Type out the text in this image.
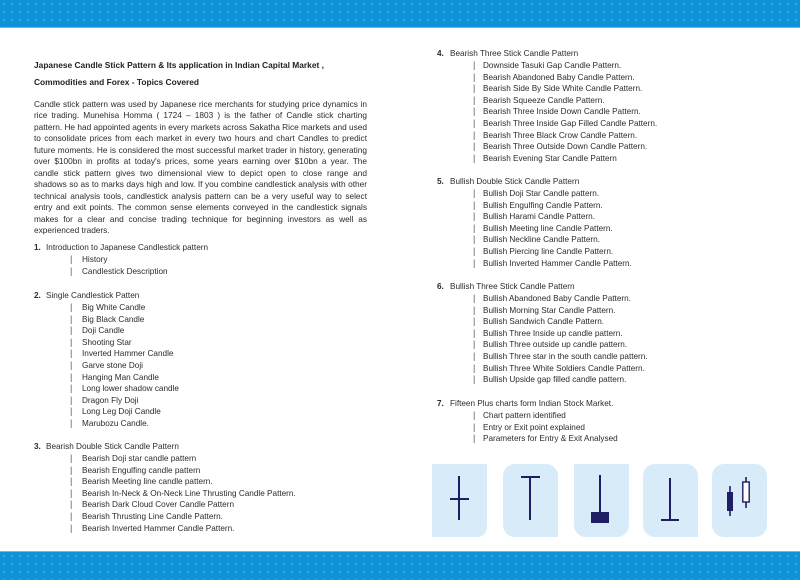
Japanese Candle Stick Pattern & Its application in Indian Capital Market ,
Commodities and Forex - Topics Covered
Candle stick pattern was used by Japanese rice merchants for studying price dynamics in rice trading. Munehisa Homma ( 1724 – 1803 ) is the father of Candle stick charting pattern. He had appointed agents in every markets across Sakatha Rice markets and used to consolidate prices from each market in every two hours and chart Candles to predict future moments. He is considered the most successful market trader in history, generating over $100bn in profits at today's prices, some years earning over $10bn a year. The candle stick pattern gives two dimensional view to depict open to close range and shadows so as to marks days high and low. If you combine candlestick analysis with other technical analysis tools, candlestick analysis pattern can be a very useful way to select entry and exit points. The common sense elements conveyed in the candlestick signals makes for a clear and concise trading technique for beginning investors as well as experienced traders.
1. Introduction to Japanese Candlestick pattern
| History
| Candlestick Description
2. Single Candlestick Patten
| Big White Candle
| Big Black Candle
| Doji Candle
| Shooting Star
| Inverted Hammer Candle
| Garve stone Doji
| Hanging Man Candle
| Long lower shadow candle
| Dragon Fly Doji
| Long Leg Doji Candle
| Marubozu Candle.
3. Bearish Double Stick Candle Pattern
| Bearish Doji star candle pattern
| Bearish Engulfing candle pattern
| Bearish Meeting line candle pattern.
| Bearish In-Neck & On-Neck Line Thrusting Candle Pattern.
| Bearish Dark Cloud Cover Candle Pattern
| Bearish Thrusting Line Candle Pattern.
| Bearish Inverted Hammer Candle Pattern.
4. Bearish Three Stick Candle Pattern
| Downside Tasuki Gap Candle Pattern.
| Bearish Abandoned Baby Candle Pattern.
| Bearish Side By Side White Candle Pattern.
| Bearish Squeeze Candle Pattern.
| Bearish Three Inside Down Candle Pattern.
| Bearish Three Inside Gap Filled Candle Pattern.
| Bearish Three Black Crow Candle Pattern.
| Bearish Three Outside Down Candle Pattern.
| Bearish Evening Star Candle Pattern
5. Bullish Double Stick Candle Pattern
| Bullish Doji Star Candle pattern.
| Bullish Engulfing Candle Pattern.
| Bullish Harami Candle Pattern.
| Bullish Meeting line Candle Pattern.
| Bullish Neckline Candle Pattern.
| Bullish Piercing line Candle Pattern.
| Bullish Inverted Hammer Candle Pattern.
6. Bullish Three Stick Candle Pattern
| Bullish Abandoned Baby Candle Pattern.
| Bullish Morning Star Candle Pattern.
| Bullish Sandwich Candle Pattern.
| Bullish Three Inside up candle pattern.
| Bullish Three outside up candle pattern.
| Bullish Three star in the south candle pattern.
| Bullish Three White Soldiers Candle Pattern.
| Bullish Upside gap filled candle pattern.
7. Fifteen Plus charts form Indian Stock Market.
| Chart pattern identified
| Entry or Exit point explained
| Parameters for Entry & Exit Analysed
